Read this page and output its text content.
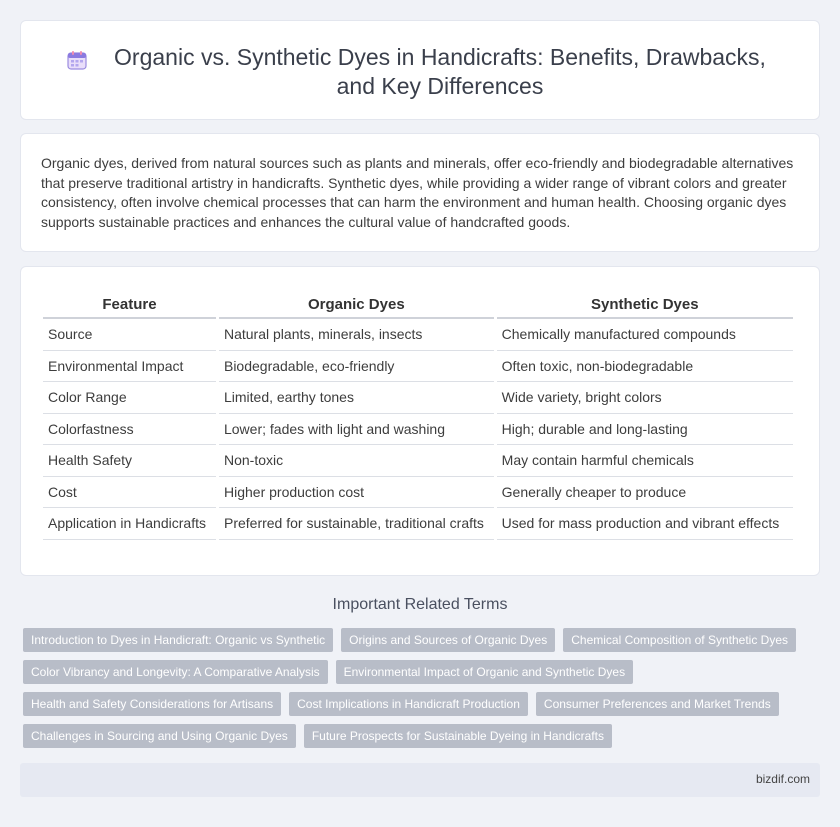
Organic vs. Synthetic Dyes in Handicrafts: Benefits, Drawbacks, and Key Differences

Organic dyes, derived from natural sources such as plants and minerals, offer eco-friendly and biodegradable alternatives that preserve traditional artistry in handicrafts. Synthetic dyes, while providing a wider range of vibrant colors and greater consistency, often involve chemical processes that can harm the environment and human health. Choosing organic dyes supports sustainable practices and enhances the cultural value of handcrafted goods.

Feature	Organic Dyes	Synthetic Dyes
Source	Natural plants, minerals, insects	Chemically manufactured compounds
Environmental Impact	Biodegradable, eco-friendly	Often toxic, non-biodegradable
Color Range	Limited, earthy tones	Wide variety, bright colors
Colorfastness	Lower; fades with light and washing	High; durable and long-lasting
Health Safety	Non-toxic	May contain harmful chemicals
Cost	Higher production cost	Generally cheaper to produce
Application in Handicrafts	Preferred for sustainable, traditional crafts	Used for mass production and vibrant effects
Important Related Terms
Introduction to Dyes in Handicraft: Organic vs Synthetic	Origins and Sources of Organic Dyes	Chemical Composition of Synthetic Dyes
Color Vibrancy and Longevity: A Comparative Analysis	Environmental Impact of Organic and Synthetic Dyes
Health and Safety Considerations for Artisans	Cost Implications in Handicraft Production	Consumer Preferences and Market Trends
Challenges in Sourcing and Using Organic Dyes	Future Prospects for Sustainable Dyeing in Handicrafts
bizdif.com
